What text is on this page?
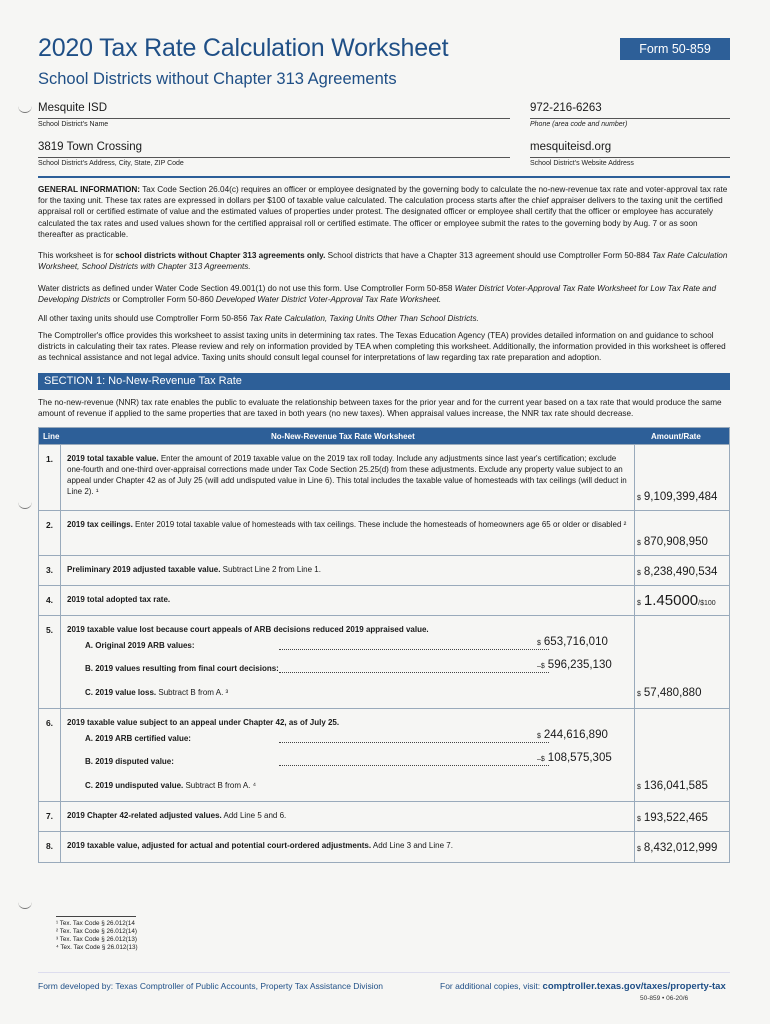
2020 Tax Rate Calculation Worksheet
School Districts without Chapter 313 Agreements
Form 50-859
Mesquite ISD
School District's Name
972-216-6263
Phone (area code and number)
3819 Town Crossing
School District's Address, City, State, ZIP Code
mesquiteisd.org
School District's Website Address
GENERAL INFORMATION: Tax Code Section 26.04(c) requires an officer or employee designated by the governing body to calculate the no-new-revenue tax rate and voter-approval tax rate for the taxing unit. These tax rates are expressed in dollars per $100 of taxable value calculated. The calculation process starts after the chief appraiser delivers to the taxing unit the certified appraisal roll or certified estimate of value and the estimated values of properties under protest. The designated officer or employee shall certify that the officer or employee has accurately calculated the tax rates and used values shown for the certified appraisal roll or certified estimate. The officer or employee submit the rates to the governing body by Aug. 7 or as soon thereafter as practicable.
This worksheet is for school districts without Chapter 313 agreements only. School districts that have a Chapter 313 agreement should use Comptroller Form 50-884 Tax Rate Calculation Worksheet, School Districts with Chapter 313 Agreements.
Water districts as defined under Water Code Section 49.001(1) do not use this form. Use Comptroller Form 50-858 Water District Voter-Approval Tax Rate Worksheet for Low Tax Rate and Developing Districts or Comptroller Form 50-860 Developed Water District Voter-Approval Tax Rate Worksheet.
All other taxing units should use Comptroller Form 50-856 Tax Rate Calculation, Taxing Units Other Than School Districts.
The Comptroller's office provides this worksheet to assist taxing units in determining tax rates. The Texas Education Agency (TEA) provides detailed information on and guidance to school districts in calculating their tax rates. Please review and rely on information provided by TEA when completing this worksheet. Additionally, the information provided in this worksheet is offered as technical assistance and not legal advice. Taxing units should consult legal counsel for interpretations of law regarding tax rate preparation and adoption.
SECTION 1: No-New-Revenue Tax Rate
The no-new-revenue (NNR) tax rate enables the public to evaluate the relationship between taxes for the prior year and for the current year based on a tax rate that would produce the same amount of revenue if applied to the same properties that are taxed in both years (no new taxes). When appraisal values increase, the NNR tax rate should decrease.
Line	No-New-Revenue Tax Rate Worksheet	Amount/Rate
1.	2019 total taxable value. Enter the amount of 2019 taxable value on the 2019 tax roll today. Include any adjustments since last year's certification; exclude one-fourth and one-third over-appraisal corrections made under Tax Code Section 25.25(d) from these adjustments. Exclude any property value subject to an appeal under Chapter 42 as of July 25 (will add undisputed value in Line 6). This total includes the taxable value of homesteads with tax ceilings (will deduct in Line 2). ¹
$ 9,109,399,484
2.	2019 tax ceilings. Enter 2019 total taxable value of homesteads with tax ceilings. These include the homesteads of homeowners age 65 or older or disabled ²
$ 870,908,950
3.	Preliminary 2019 adjusted taxable value. Subtract Line 2 from Line 1.	$ 8,238,490,534
4.	2019 total adopted tax rate.	$ 1.45000/$100
5.	2019 taxable value lost because court appeals of ARB decisions reduced 2019 appraised value.
A. Original 2019 ARB values:	$ 653,716,010
B. 2019 values resulting from final court decisions:	–$ 596,235,130
C. 2019 value loss. Subtract B from A. ³	$ 57,480,880
6.	2019 taxable value subject to an appeal under Chapter 42, as of July 25.
A. 2019 ARB certified value:	$ 244,616,890
B. 2019 disputed value:	–$ 108,575,305
C. 2019 undisputed value. Subtract B from A. ⁴	$ 136,041,585
7.	2019 Chapter 42-related adjusted values. Add Line 5 and 6.	$ 193,522,465
8.	2019 taxable value, adjusted for actual and potential court-ordered adjustments. Add Line 3 and Line 7.	$ 8,432,012,999
¹ Tex. Tax Code § 26.012(14
² Tex. Tax Code § 26.012(14)
³ Tex. Tax Code § 26.012(13)
⁴ Tex. Tax Code § 26.012(13)
Form developed by: Texas Comptroller of Public Accounts, Property Tax Assistance Division	For additional copies, visit: comptroller.texas.gov/taxes/property-tax
50-859 • 06-20/6
